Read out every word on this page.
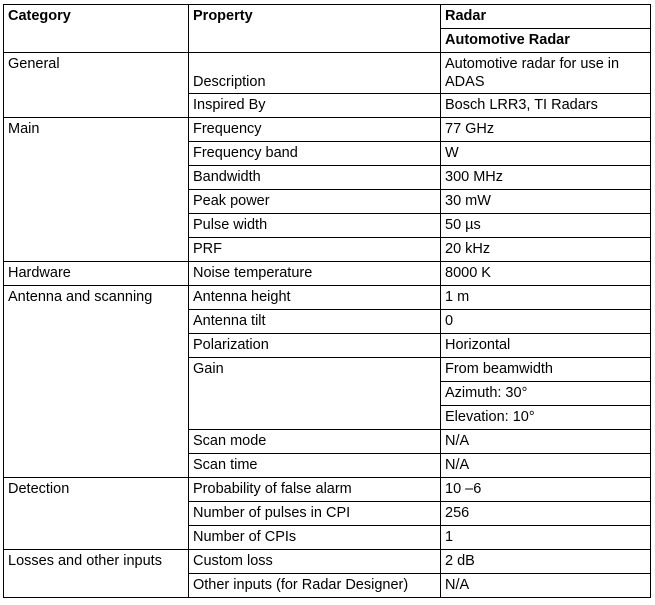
Category	Property	Radar
		Automotive Radar
General	Description	Automotive radar for use in ADAS
	Inspired By	Bosch LRR3, TI Radars
Main	Frequency	77 GHz
	Frequency band	W
	Bandwidth	300 MHz
	Peak power	30 mW
	Pulse width	50 µs
	PRF	20 kHz
Hardware	Noise temperature	8000 K
Antenna and scanning	Antenna height	1 m
	Antenna tilt	0
	Polarization	Horizontal
	Gain	From beamwidth
		Azimuth: 30°
		Elevation: 10°
	Scan mode	N/A
	Scan time	N/A
Detection	Probability of false alarm	10 –6
	Number of pulses in CPI	256
	Number of CPIs	1
Losses and other inputs	Custom loss	2 dB
	Other inputs (for Radar Designer)	N/A
